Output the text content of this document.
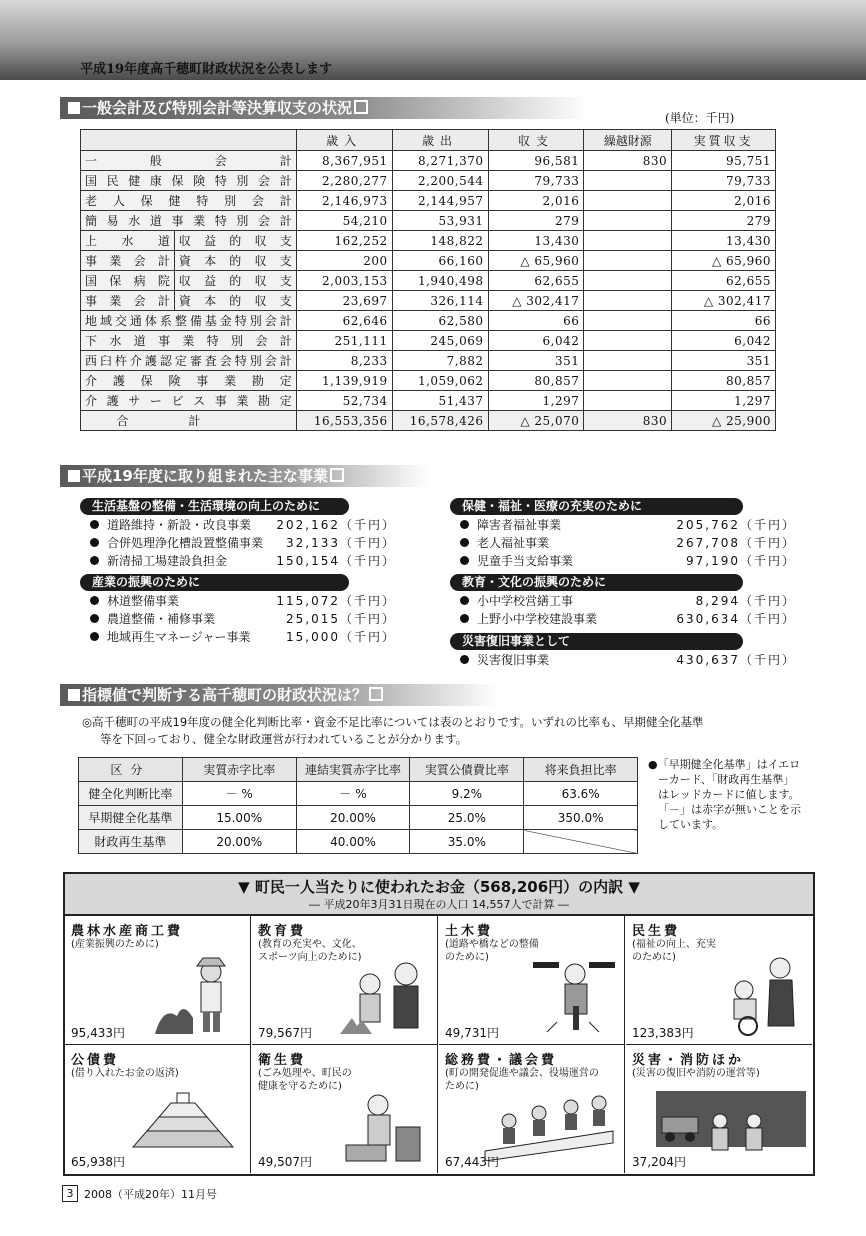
平成19年度高千穂町財政状況を公表します
一般会計及び特別会計等決算収支の状況
(単位：千円)
		歳入	歳出	収支	繰越財源	実質収支
一般会計		8,367,951	8,271,370	96,581	830	95,751
国民健康保険特別会計		2,280,277	2,200,544	79,733		79,733
老人保健特別会計		2,146,973	2,144,957	2,016		2,016
簡易水道事業特別会計		54,210	53,931	279		279
上水道	収益的収支	162,252	148,822	13,430		13,430
事業会計	資本的収支	200	66,160	△ 65,960		△ 65,960
国保病院	収益的収支	2,003,153	1,940,498	62,655		62,655
事業会計	資本的収支	23,697	326,114	△ 302,417		△ 302,417
地域交通体系整備基金特別会計		62,646	62,580	66		66
下水道事業特別会計		251,111	245,069	6,042		6,042
西臼杵介護認定審査会特別会計		8,233	7,882	351		351
介護保険事業勘定		1,139,919	1,059,062	80,857		80,857
介護サービス事業勘定		52,734	51,437	1,297		1,297
合計		16,553,356	16,578,426	△ 25,070	830	△ 25,900
平成19年度に取り組まれた主な事業
生活基盤の整備・生活環境の向上のために
道路維持・新設・改良事業 202,162（千円）
合併処理浄化槽設置整備事業 32,133（千円）
新清掃工場建設負担金	150,154（千円）
産業の振興のために
林道整備事業	115,072（千円）
農道整備・補修事業	25,015（千円）
地域再生マネージャー事業	15,000（千円）
保健・福祉・医療の充実のために
障害者福祉事業	205,762（千円）
老人福祉事業	267,708（千円）
児童手当支給事業	97,190（千円）
教育・文化の振興のために
小中学校営繕工事	8,294（千円）
上野小中学校建設事業	630,634（千円）
災害復旧事業として
災害復旧事業	430,637（千円）
指標値で判断する高千穂町の財政状況は？
◎高千穂町の平成19年度の健全化判断比率・資金不足比率については表のとおりです。いずれの比率も、早期健全化基準
等を下回っており、健全な財政運営が行われていることが分かります。
区分	実質赤字比率	連結実質赤字比率	実質公債費比率	将来負担比率
健全化判断比率	－ %	－ %	9.2%	63.6%
早期健全化基準	15.00%	20.00%	25.0%	350.0%
財政再生基準	20.00%	40.00%	35.0%	
●「早期健全化基準」はイエロ
ーカード、「財政再生基準」
はレッドカードに値します。
「－」は赤字が無いことを示
しています。
▼ 町民一人当たりに使われたお金（568,206円）の内訳 ▼
― 平成20年3月31日現在の人口 14,557人で計算 ―
農林水産商工費
(産業振興のために)
95,433円
教育費
(教育の充実や、文化、
スポーツ向上のために)
79,567円
土木費
(道路や橋などの整備
のために)
49,731円
民生費
(福祉の向上、充実
のために)
123,383円
公債費
(借り入れたお金の返済)
65,938円
衛生費
(ごみ処理や、町民の
健康を守るために)
49,507円
総務費・議会費
(町の開発促進や議会、役場運営の
ために)
67,443円
災害・消防ほか
(災害の復旧や消防の運営等)
37,204円
3 2008（平成20年）11月号
